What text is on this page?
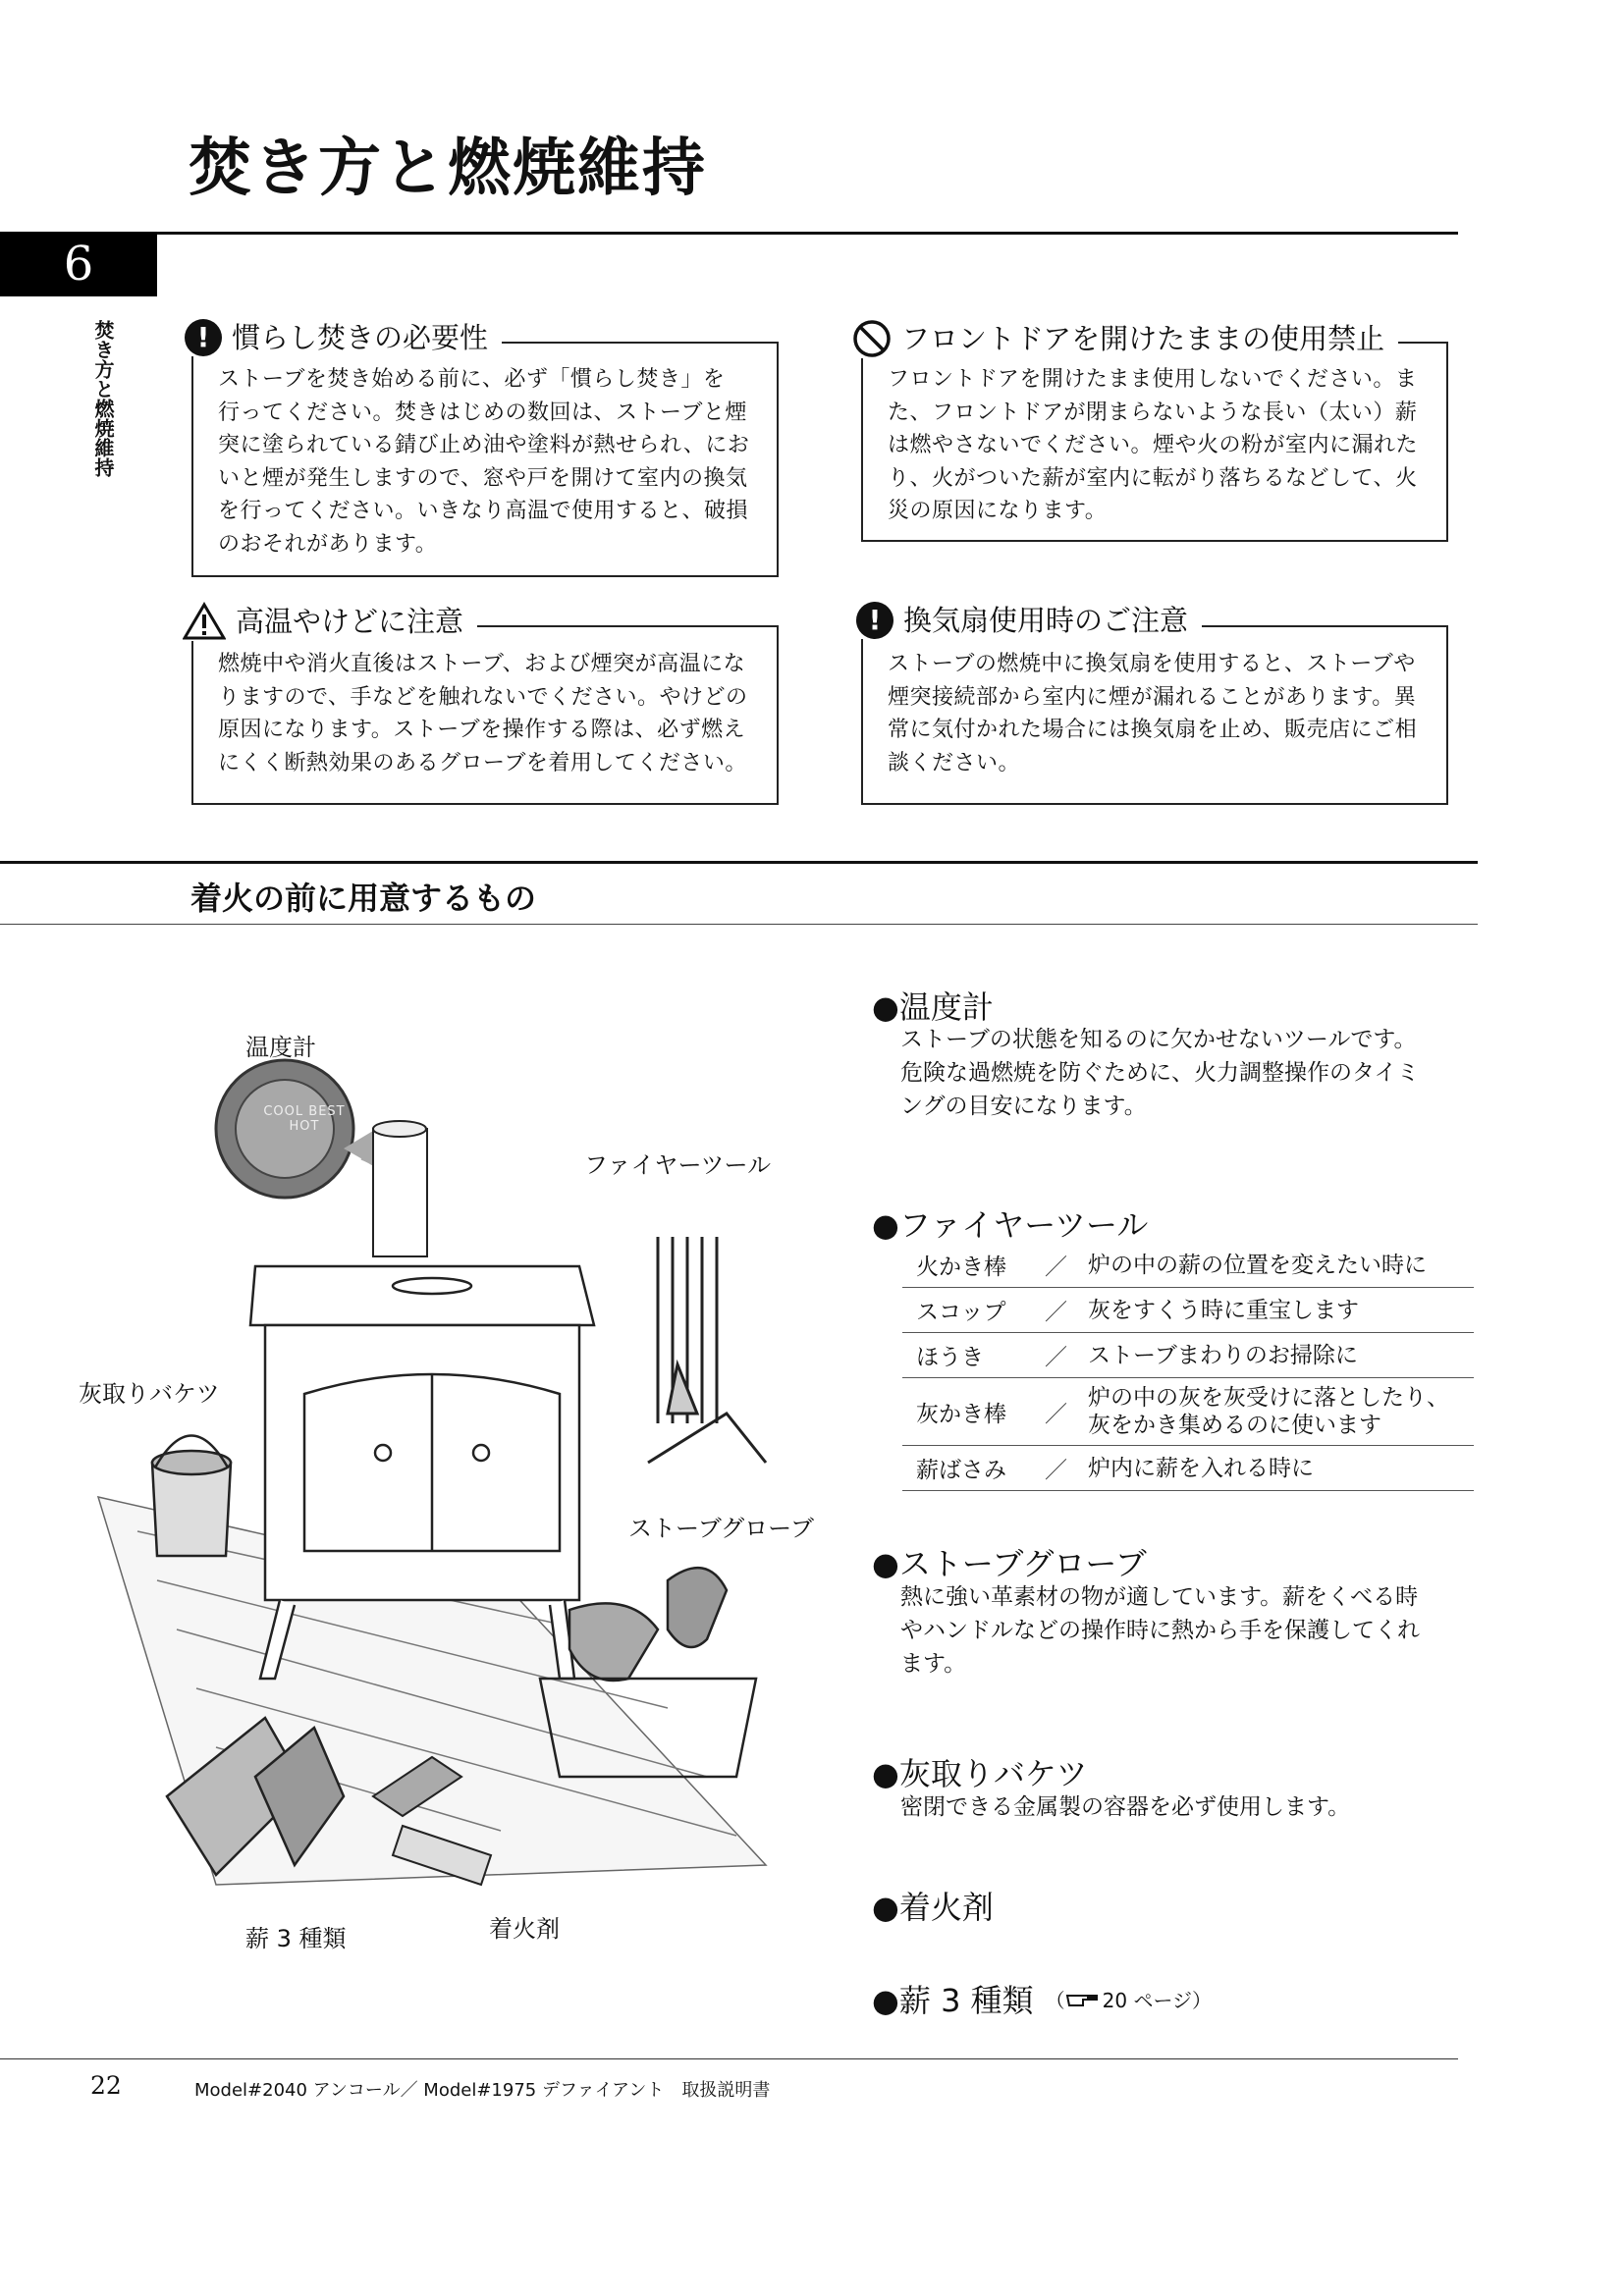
焚き方と燃焼維持
6
焚き方と燃焼維持	! 慣らし焚きの必要性
ストーブを焚き始める前に、必ず「慣らし焚き」を
行ってください。焚きはじめの数回は、ストーブと煙
突に塗られている錆び止め油や塗料が熱せられ、にお
いと煙が発生しますので、窓や戸を開けて室内の換気
を行ってください。いきなり高温で使用すると、破損
のおそれがあります。
フロントドアを開けたままの使用禁止
フロントドアを開けたまま使用しないでください。ま
た、フロントドアが閉まらないような長い（太い）薪
は燃やさないでください。煙や火の粉が室内に漏れた
り、火がついた薪が室内に転がり落ちるなどして、火
災の原因になります。
高温やけどに注意
燃焼中や消火直後はストーブ、および煙突が高温にな
りますので、手などを触れないでください。やけどの
原因になります。ストーブを操作する際は、必ず燃え
にくく断熱効果のあるグローブを着用してください。
! 換気扇使用時のご注意
ストーブの燃焼中に換気扇を使用すると、ストーブや
煙突接続部から室内に煙が漏れることがあります。異
常に気付かれた場合には換気扇を止め、販売店にご相
談ください。
着火の前に用意するもの
COOL BEST HOT
温度計
ファイヤーツール
灰取りバケツ
ストーブグローブ
薪 3 種類	着火剤
●温度計
ストーブの状態を知るのに欠かせないツールです。
危険な過燃焼を防ぐために、火力調整操作のタイミ
ングの目安になります。
●ファイヤーツール
火かき棒	／	炉の中の薪の位置を変えたい時に
スコップ	／	灰をすくう時に重宝します
ほうき	／	ストーブまわりのお掃除に
灰かき棒	／	炉の中の灰を灰受けに落としたり、灰をかき集めるのに使います
薪ばさみ	／	炉内に薪を入れる時に
●ストーブグローブ
熱に強い革素材の物が適しています。薪をくべる時
やハンドルなどの操作時に熱から手を保護してくれ
ます。
●灰取りバケツ
密閉できる金属製の容器を必ず使用します。
●着火剤
●薪 3 種類 （ 20 ページ）
22	Model#2040 アンコール／ Model#1975 デファイアント　取扱説明書
